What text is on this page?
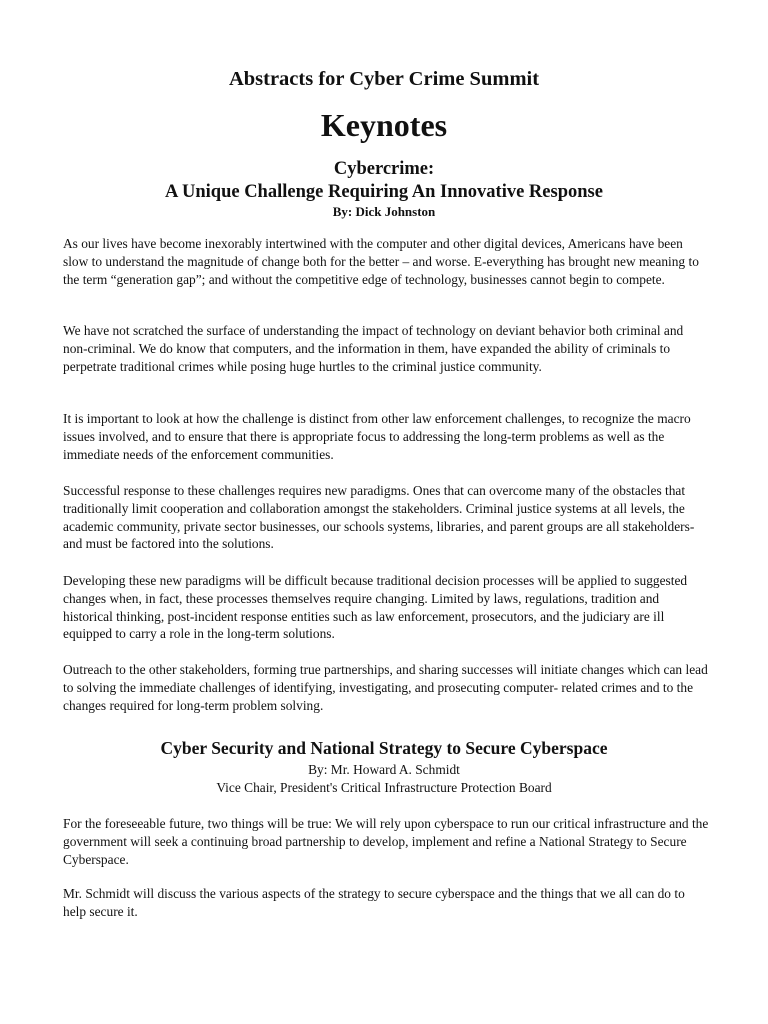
Abstracts for Cyber Crime Summit
Keynotes
Cybercrime:
A Unique Challenge Requiring An Innovative Response
By: Dick Johnston

As our lives have become inexorably intertwined with the computer and other digital devices, Americans have been slow to understand the magnitude of change both for the better – and worse. E-everything has brought new meaning to the term “generation gap”; and without the competitive edge of technology, businesses cannot begin to compete.

We have not scratched the surface of understanding the impact of technology on deviant behavior both criminal and non-criminal. We do know that computers, and the information in them, have expanded the ability of criminals to perpetrate traditional crimes while posing huge hurtles to the criminal justice community.

It is important to look at how the challenge is distinct from other law enforcement challenges, to recognize the macro issues involved, and to ensure that there is appropriate focus to addressing the long-term problems as well as the immediate needs of the enforcement communities.

Successful response to these challenges requires new paradigms. Ones that can overcome many of the obstacles that traditionally limit cooperation and collaboration amongst the stakeholders. Criminal justice systems at all levels, the academic community, private sector businesses, our schools systems, libraries, and parent groups are all stakeholders- and must be factored into the solutions.

Developing these new paradigms will be difficult because traditional decision processes will be applied to suggested changes when, in fact, these processes themselves require changing. Limited by laws, regulations, tradition and historical thinking, post-incident response entities such as law enforcement, prosecutors, and the judiciary are ill equipped to carry a role in the long-term solutions.

Outreach to the other stakeholders, forming true partnerships, and sharing successes will initiate changes which can lead to solving the immediate challenges of identifying, investigating, and prosecuting computer- related crimes and to the changes required for long-term problem solving.

Cyber Security and National Strategy to Secure Cyberspace
By: Mr. Howard A. Schmidt
Vice Chair, President's Critical Infrastructure Protection Board

For the foreseeable future, two things will be true: We will rely upon cyberspace to run our critical infrastructure and the government will seek a continuing broad partnership to develop, implement and refine a National Strategy to Secure Cyberspace.

Mr. Schmidt will discuss the various aspects of the strategy to secure cyberspace and the things that we all can do to help secure it.
